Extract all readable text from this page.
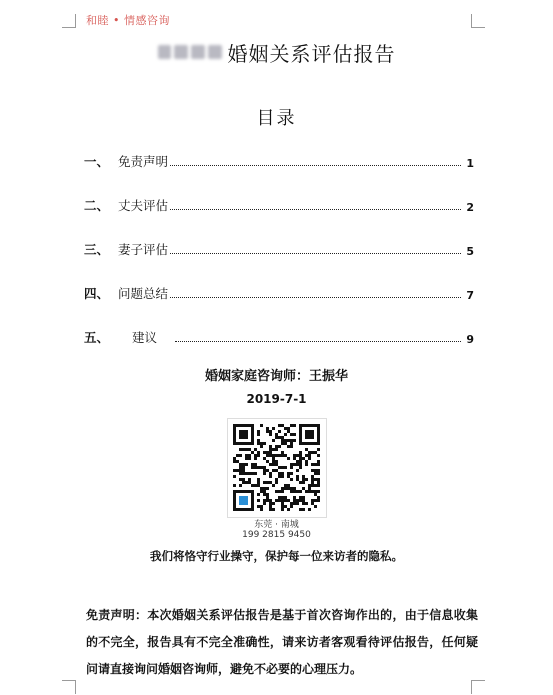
和睦 • 情感咨询
婚姻关系评估报告
目录
一、 免责声明	1
二、 丈夫评估	2
三、 妻子评估	5
四、 问题总结	7
五、	建议	9
婚姻家庭咨询师：王振华
2019-7-1
东莞 · 南城
199 2815 9450
我们将恪守行业操守，保护每一位来访者的隐私。
免责声明：本次婚姻关系评估报告是基于首次咨询作出的，由于信息收集的不完全，报告具有不完全准确性，请来访者客观看待评估报告，任何疑问请直接询问婚姻咨询师，避免不必要的心理压力。
